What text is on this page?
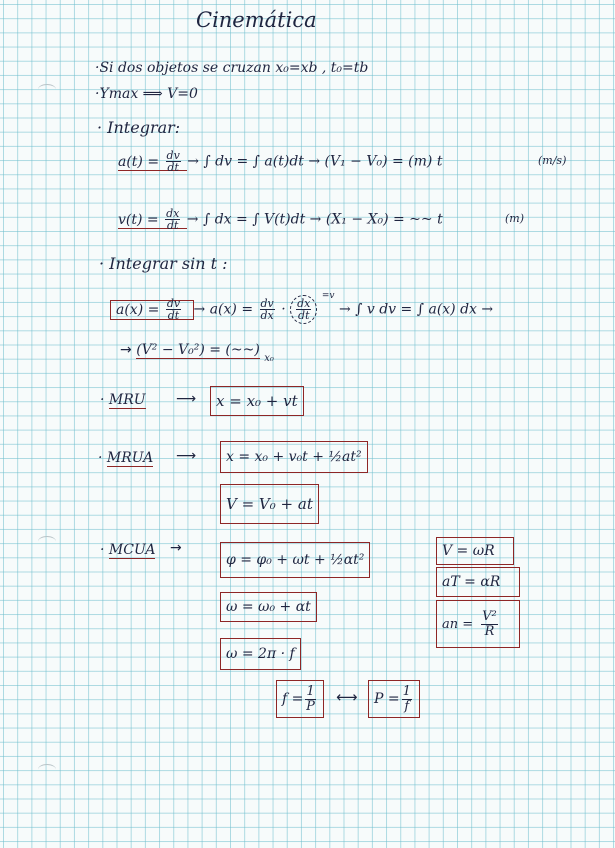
Cinemática
·Si dos objetos se cruzan x₀=xb , t₀=tb
·Ymax ⟹ V=0
· Integrar:
$a(t) = \frac{dv}{dt}$ → ∫ dv = ∫ a(t)dt → (V₁ − V₀) = (m) t	(m/s)
$v(t) = \frac{dx}{dt}$ → ∫ dx = ∫ V(t)dt → (X₁ − X₀) = ~~ t	(m)
· Integrar sin t :
$a(x) = \frac{dv}{dt} \to a(x) = \frac{dv}{dx} \cdot \frac{dx}{dt}$
$^{=v}$ → ∫ v dv = ∫ a(x) dx →
→ (V² − V₀²) = (~~) $_{x_0}$
· MRU ⟶	x = x₀ + vt
· MRUA ⟶	x = x₀ + v₀t + ½at²
V = V₀ + at
· MCUA →
φ = φ₀ + ωt + ½αt²
ω = ω₀ + αt
ω = 2π · f
V = ωR
aT = αR
an = $\frac{\text{V²}}{R}$
$f = \frac{1}{P}$ ⟷ $P = \frac{1}{f}$
